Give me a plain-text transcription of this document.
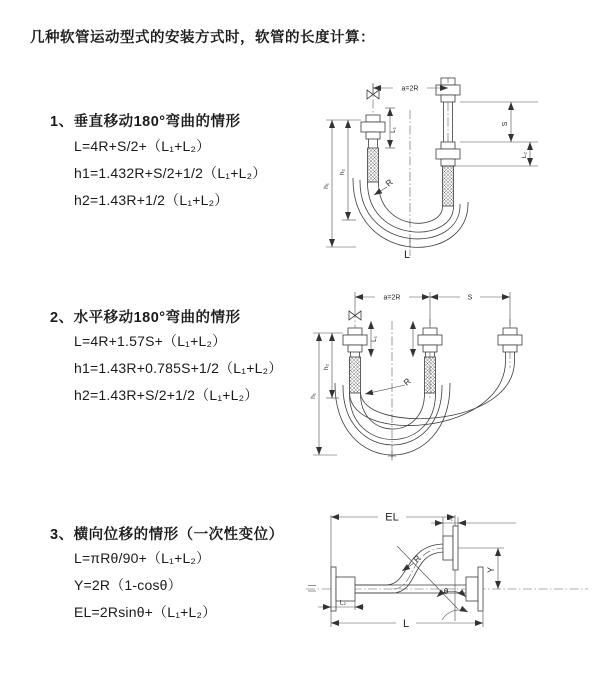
几种软管运动型式的安装方式时，软管的长度计算：
1、垂直移动180°弯曲的情形
L=4R+S/2+（L₁+L₂）
h1=1.432R+S/2+1/2（L₁+L₂）
h2=1.43R+1/2（L₁+L₂）
2、水平移动180°弯曲的情形
L=4R+1.57S+（L₁+L₂）
h1=1.43R+0.785S+1/2（L₁+L₂）
h2=1.43R+S/2+1/2（L₁+L₂）
3、横向位移的情形（一次性变位）
L=πRθ/90+（L₁+L₂）
Y=2R（1-cosθ）
EL=2Rsinθ+（L₁+L₂）
a=2R
L₁
S
L₂
h₁
h₂
R
L
a=2R	S
L₁
h₁
h₂
R
θ
R
EL	L₁
Y
L
L₂
